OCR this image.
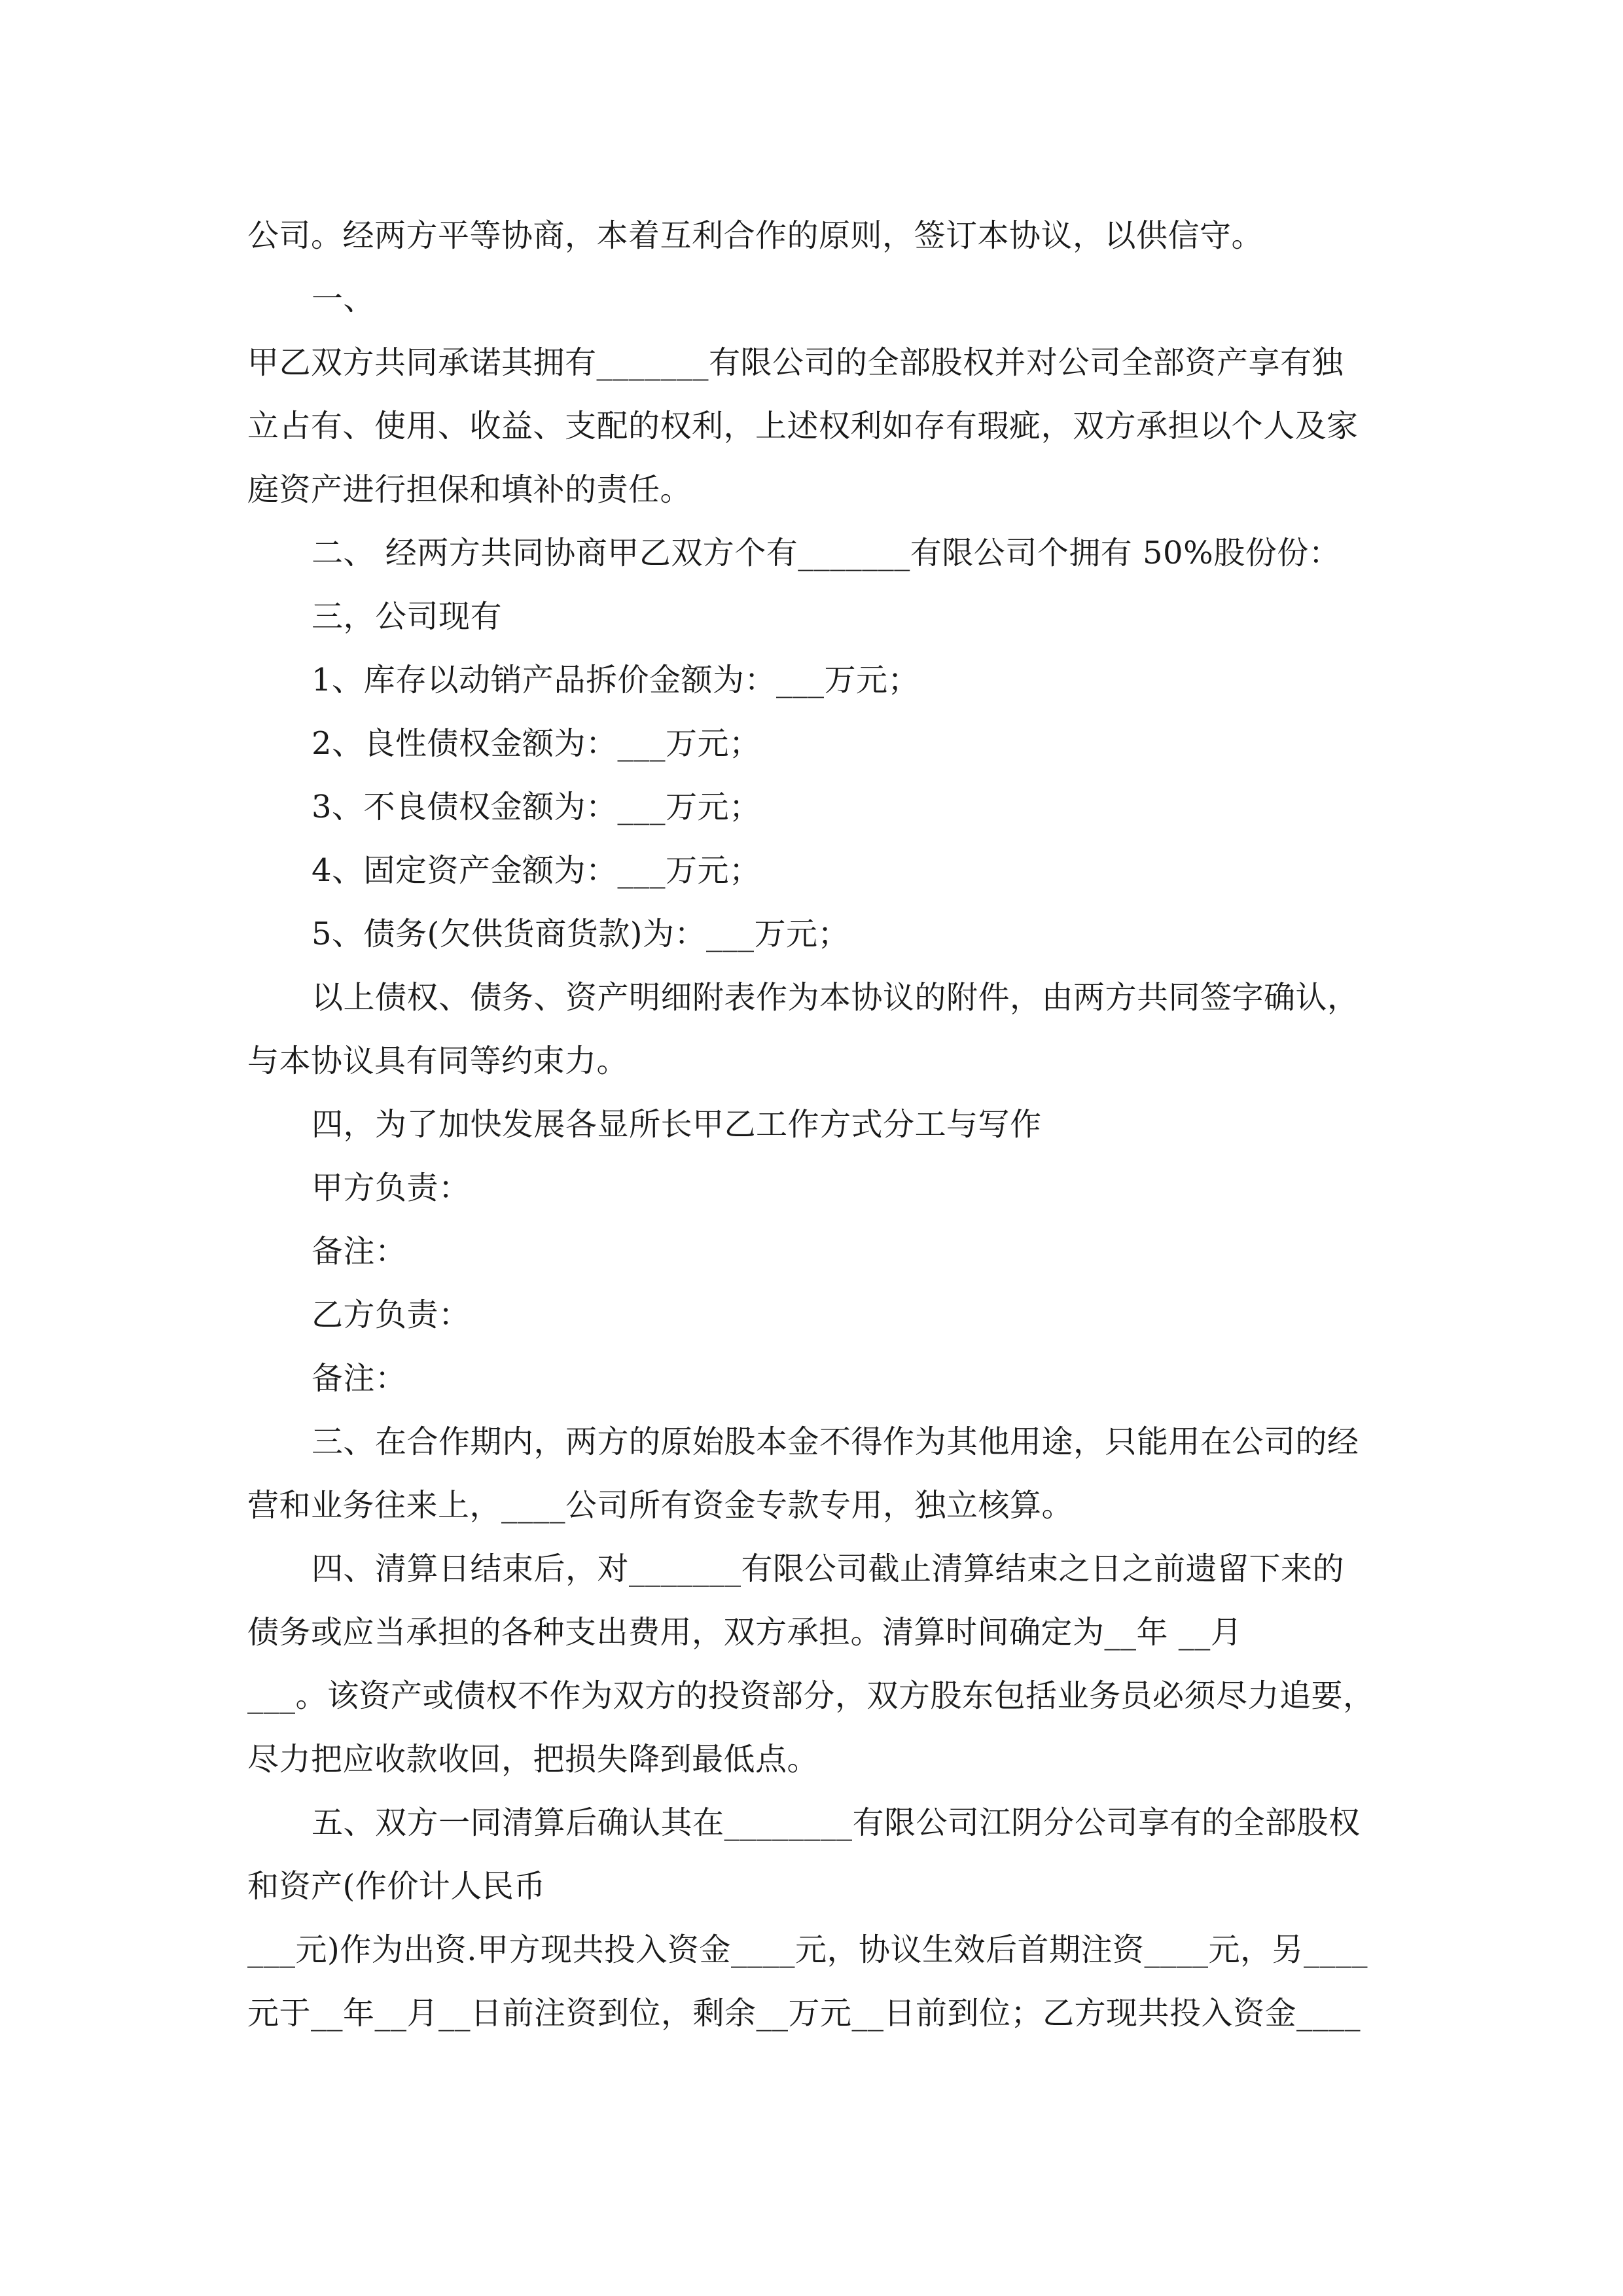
公司。经两方平等协商，本着互利合作的原则，签订本协议，以供信守。
一、
甲乙双方共同承诺其拥有_______有限公司的全部股权并对公司全部资产享有独
立占有、使用、收益、支配的权利，上述权利如存有瑕疵，双方承担以个人及家
庭资产进行担保和填补的责任。
二、 经两方共同协商甲乙双方个有_______有限公司个拥有 50%股份份：
三，公司现有
1、库存以动销产品拆价金额为：___万元；
2、良性债权金额为：___万元；
3、不良债权金额为：___万元；
4、固定资产金额为：___万元；
5、债务(欠供货商货款)为：___万元；
以上债权、债务、资产明细附表作为本协议的附件，由两方共同签字确认，
与本协议具有同等约束力。
四，为了加快发展各显所长甲乙工作方式分工与写作
甲方负责：
备注：
乙方负责：
备注：
三、在合作期内，两方的原始股本金不得作为其他用途，只能用在公司的经
营和业务往来上，____公司所有资金专款专用，独立核算。
四、清算日结束后，对_______有限公司截止清算结束之日之前遗留下来的
债务或应当承担的各种支出费用，双方承担。清算时间确定为__年 __月
___。该资产或债权不作为双方的投资部分，双方股东包括业务员必须尽力追要，
尽力把应收款收回，把损失降到最低点。
五、双方一同清算后确认其在________有限公司江阴分公司享有的全部股权
和资产(作价计人民币
___元)作为出资.甲方现共投入资金____元，协议生效后首期注资____元，另____
元于__年__月__日前注资到位，剩余__万元__日前到位；乙方现共投入资金____
